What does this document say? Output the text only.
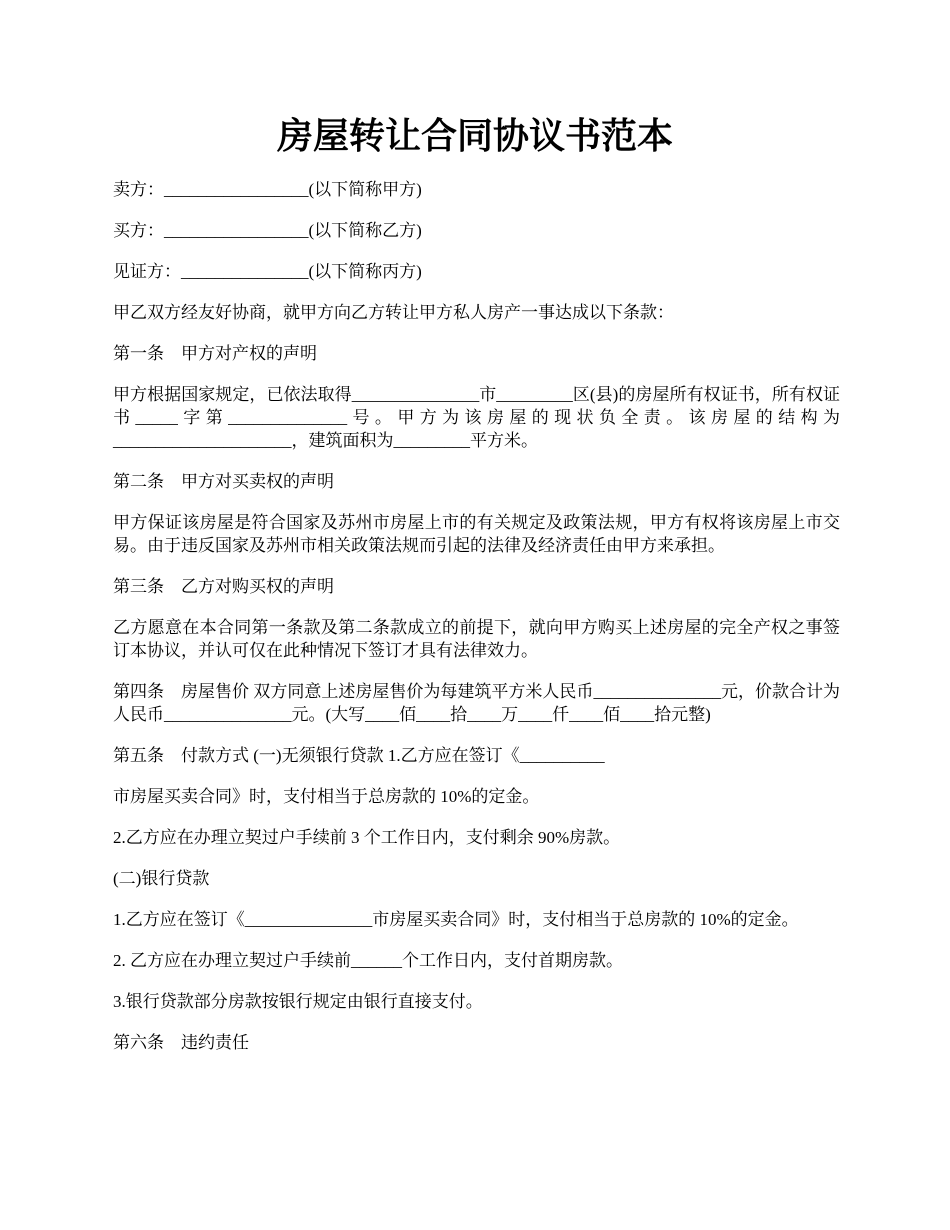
房屋转让合同协议书范本

卖方：_________________(以下简称甲方)

买方：_________________(以下简称乙方)

见证方：_______________(以下简称丙方)

甲乙双方经友好协商，就甲方向乙方转让甲方私人房产一事达成以下条款：

第一条　甲方对产权的声明

甲方根据国家规定，已依法取得_______________市_________区(县)的房屋所有权证书，所有权证书_____字第______________号。甲方为该房屋的现状负全责。该房屋的结构为 _____________________，建筑面积为_________平方米。

第二条　甲方对买卖权的声明

甲方保证该房屋是符合国家及苏州市房屋上市的有关规定及政策法规，甲方有权将该房屋上市交易。由于违反国家及苏州市相关政策法规而引起的法律及经济责任由甲方来承担。

第三条　乙方对购买权的声明

乙方愿意在本合同第一条款及第二条款成立的前提下，就向甲方购买上述房屋的完全产权之事签订本协议，并认可仅在此种情况下签订才具有法律效力。

第四条　房屋售价 双方同意上述房屋售价为每建筑平方米人民币_______________元，价款合计为人民币_______________元。(大写____佰____拾____万____仟____佰____拾元整)

第五条　付款方式 (一)无须银行贷款 1.乙方应在签订《__________

市房屋买卖合同》时，支付相当于总房款的 10%的定金。

2.乙方应在办理立契过户手续前 3 个工作日内，支付剩余 90%房款。

(二)银行贷款

1.乙方应在签订《_______________市房屋买卖合同》时，支付相当于总房款的 10%的定金。

2. 乙方应在办理立契过户手续前______个工作日内，支付首期房款。

3.银行贷款部分房款按银行规定由银行直接支付。

第六条　违约责任
